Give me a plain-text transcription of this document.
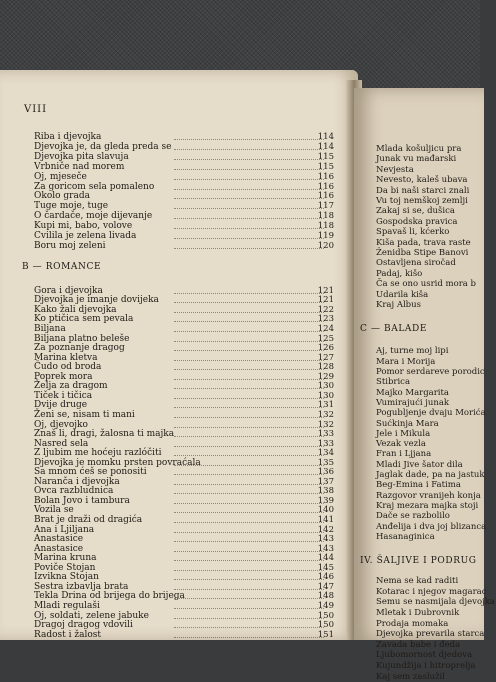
VIII
Riba i djevojka	114
Djevojka je, da gleda preda se	114
Djevojka pita slavuja	115
Vrbniče nad morem	115
Oj, mjeseče	116
Za goricom sela pomaleno	116
Okolo grada	116
Tuge moje, tuge	117
O čardače, moje dijevanje	118
Kupi mi, babo, volove	118
Cvilila je zelena livada	119
Boru moj zeleni	120
B — ROMANCE
Gora i djevojka	121
Djevojka je imanje dovijeka	121
Kako žali djevojka	122
Ko ptičica sem pevala	123
Biljana	124
Biljana platno beleše	125
Za poznanje dragog	126
Marina kletva	127
Čudo od broda	128
Poprek mora	129
Želja za dragom	130
Tiček i tičica	130
Dvije druge	131
Ženi se, nisam ti mani	132
Oj, djevojko	132
Znaš li, dragi, žalosna ti majka	133
Nasred sela	133
Z ljubim me hoćeju razlóčiti	134
Djevojka je momku prsten povraćala	135
Sa mnom ćeš se ponositi	136
Naranča i djevojka	137
Ovca razbludnica	138
Bolan Jovo i tambura	139
Vozila se	140
Brat je draži od dragića	141
Ana i Ljiljana	142
Anastasice	143
Anastasice	143
Marina kruna	144
Poviče Stojan	145
Izvikna Stojan	146
Sestra izbavlja brata	147
Tekla Drina od brijega do brijega	148
Mladi regulaši	149
Oj, soldati, zelene jabuke	150
Dragoj dragog vdovili	150
Radost i žalost	151
Mlada košuljicu pra
Junak vu mađarski
Nevjesta
Nevesto, kaleš ubava
Da bi naši starci znali
Vu toj nemškoj zemlji
Zakaj si se, dušica
Gospodska pravica
Spavaš li, kćerko
Kiša pada, trava raste
Ženidba Stipe Banovi
Ostavljena siročad
Padaj, kišo
Ča se ono usrid mora b
Udarila kiša
Kraj Albus
C — BALADE
Aj, turne moj lipi
Mara i Morija
Pomor serdareve porodic
Stibrica
Majko Margarita
Vumirajući junak
Pogubljenje dvaju Morića
Sućkinja Mara
Jele i Mikula
Vezak vezla
Fran i Ljjana
Mladi Jive šator dila
Jaglak dade, pa na jastuk
Beg-Emina i Fatima
Razgovor vranijeh konja
Kraj mezara majka stoji
Dače se razbolilo
Anđelija i dva joj blizanca
Hasanaginica
IV. ŠALJIVE I PODRUG
Nema se kad raditi
Kotarac i njegov magarac
Semu se nasmijala djevojka
Mletak i Dubrovnik
Prodaja momaka
Djevojka prevarila starca
Zavada babe i đeda
Ljubomornost djedova
Kujundžija i hitroprelja
Kaj sem zaslužil
